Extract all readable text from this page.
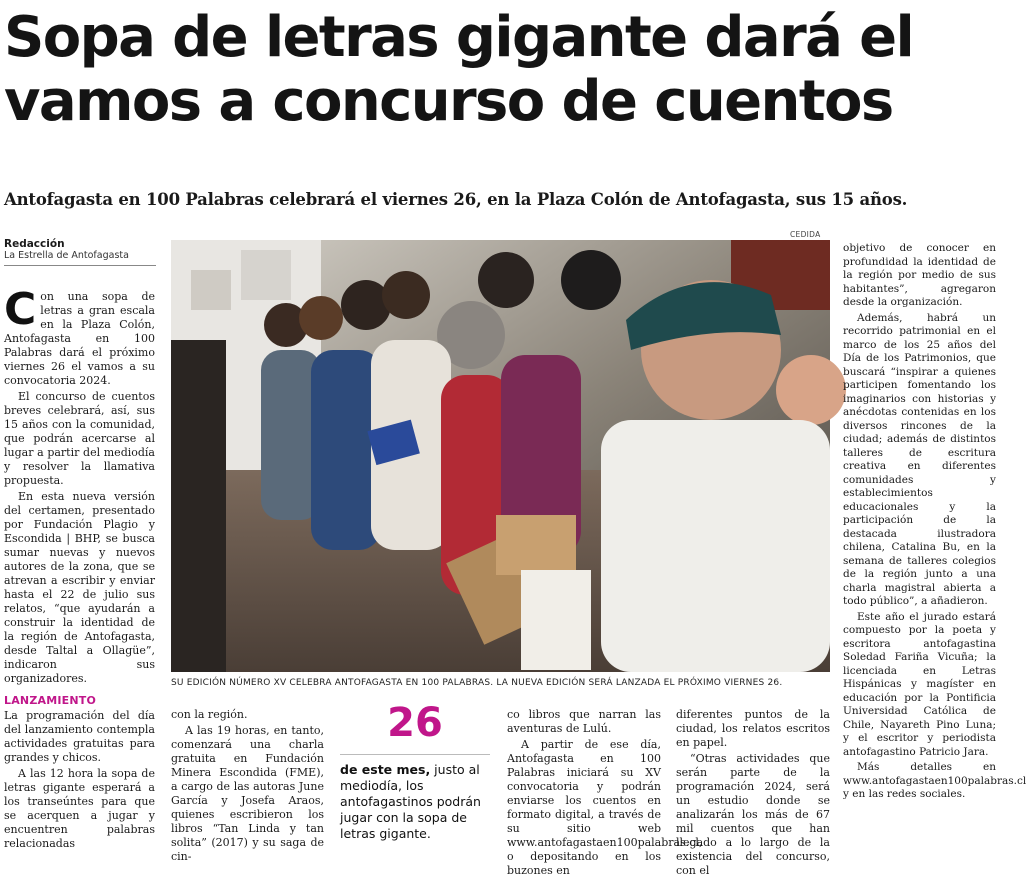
Sopa de letras gigante dará el vamos a concurso de cuentos

Antofagasta en 100 Palabras celebrará el viernes 26, en la Plaza Colón de Antofagasta, sus 15 años.

Redacción
La Estrella de Antofagasta

Con una sopa de letras a gran escala en la Plaza Colón, Antofagasta en 100 Palabras dará el próximo viernes 26 el vamos a su convocatoria 2024.

El concurso de cuentos breves celebrará, así, sus 15 años con la comunidad, que podrán acercarse al lugar a partir del mediodía y resolver la llamativa propuesta.

En esta nueva versión del certamen, presentado por Fundación Plagio y Escondida | BHP, se busca sumar nuevas y nuevos autores de la zona, que se atrevan a escribir y enviar hasta el 22 de julio sus relatos, “que ayudarán a construir la identidad de la región de Antofagasta, desde Taltal a Ollagüe”, indicaron sus organizadores.

LANZAMIENTO

La programación del día del lanzamiento contempla actividades gratuitas para grandes y chicos.

A las 12 hora la sopa de letras gigante esperará a los transeúntes para que se acerquen a jugar y encuentren palabras relacionadas

CEDIDA
SU EDICIÓN NÚMERO XV CELEBRA ANTOFAGASTA EN 100 PALABRAS. LA NUEVA EDICIÓN SERÁ LANZADA EL PRÓXIMO VIERNES 26.

con la región.

A las 19 horas, en tanto, comenzará una charla gratuita en Fundación Minera Escondida (FME), a cargo de las autoras June García y Josefa Araos, quienes escribieron los libros “Tan Linda y tan solita” (2017) y su saga de cin-

26
de este mes, justo al mediodía, los antofagastinos podrán jugar con la sopa de letras gigante.

co libros que narran las aventuras de Lulú.

A partir de ese día, Antofagasta en 100 Palabras iniciará su XV convocatoria y podrán enviarse los cuentos en formato digital, a través de su sitio web www.antofagastaen100palabras.cl, o depositando en los buzones en

diferentes puntos de la ciudad, los relatos escritos en papel.

“Otras actividades que serán parte de la programación 2024, será un estudio donde se analizarán los más de 67 mil cuentos que han llegado a lo largo de la existencia del concurso, con el

objetivo de conocer en profundidad la identidad de la región por medio de sus habitantes”, agregaron desde la organización.

Además, habrá un recorrido patrimonial en el marco de los 25 años del Día de los Patrimonios, que buscará “inspirar a quienes participen fomentando los imaginarios con historias y anécdotas contenidas en los diversos rincones de la ciudad; además de distintos talleres de escritura creativa en diferentes comunidades y establecimientos educacionales y la participación de la destacada ilustradora chilena, Catalina Bu, en la semana de talleres colegios de la región junto a una charla magistral abierta a todo público”, a añadieron.

Este año el jurado estará compuesto por la poeta y escritora antofagastina Soledad Fariña Vicuña; la licenciada en Letras Hispánicas y magíster en educación por la Pontificia Universidad Católica de Chile, Nayareth Pino Luna; y el escritor y periodista antofagastino Patricio Jara.

Más detalles en www.antofagastaen100palabras.cl y en las redes sociales.
